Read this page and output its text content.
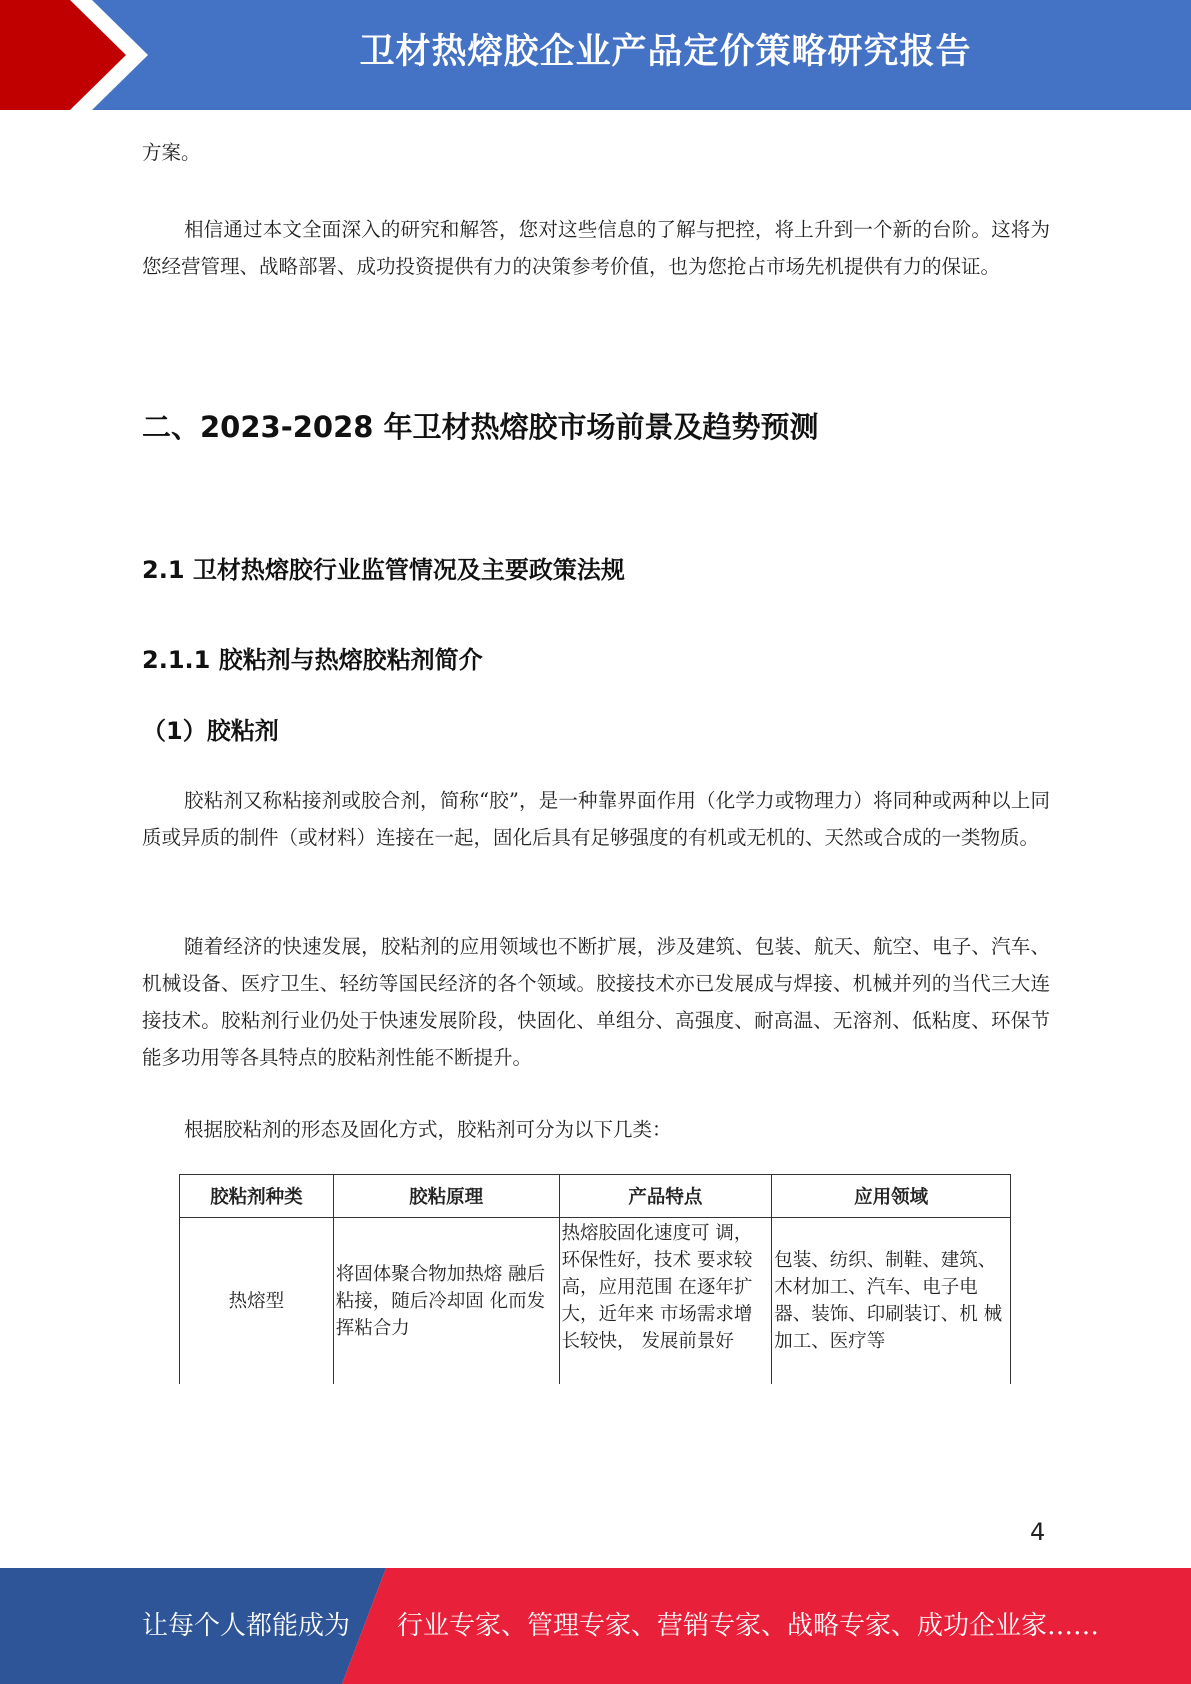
卫材热熔胶企业产品定价策略研究报告

方案。

相信通过本文全面深入的研究和解答，您对这些信息的了解与把控，将上升到一个新的台阶。这将为您经营管理、战略部署、成功投资提供有力的决策参考价值，也为您抢占市场先机提供有力的保证。

二、2023-2028 年卫材热熔胶市场前景及趋势预测
2.1 卫材热熔胶行业监管情况及主要政策法规
2.1.1 胶粘剂与热熔胶粘剂简介
（1）胶粘剂

胶粘剂又称粘接剂或胶合剂，简称“胶”，是一种靠界面作用（化学力或物理力）将同种或两种以上同质或异质的制件（或材料）连接在一起，固化后具有足够强度的有机或无机的、天然或合成的一类物质。

随着经济的快速发展，胶粘剂的应用领域也不断扩展，涉及建筑、包装、航天、航空、电子、汽车、机械设备、医疗卫生、轻纺等国民经济的各个领域。胶接技术亦已发展成与焊接、机械并列的当代三大连接技术。胶粘剂行业仍处于快速发展阶段，快固化、单组分、高强度、耐高温、无溶剂、低粘度、环保节能多功用等各具特点的胶粘剂性能不断提升。

根据胶粘剂的形态及固化方式，胶粘剂可分为以下几类：

胶粘剂种类	胶粘原理	产品特点	应用领域
热熔型	将固体聚合物加热熔 融后粘接，随后冷却固 化而发挥粘合力	热熔胶固化速度可 调，环保性好，技术 要求较高，应用范围 在逐年扩大，近年来 市场需求增长较快， 发展前景好	包装、纺织、制鞋、建筑、 木材加工、汽车、电子电 器、装饰、印刷装订、机 械加工、医疗等
4
让每个人都能成为 行业专家、管理专家、营销专家、战略专家、成功企业家……
